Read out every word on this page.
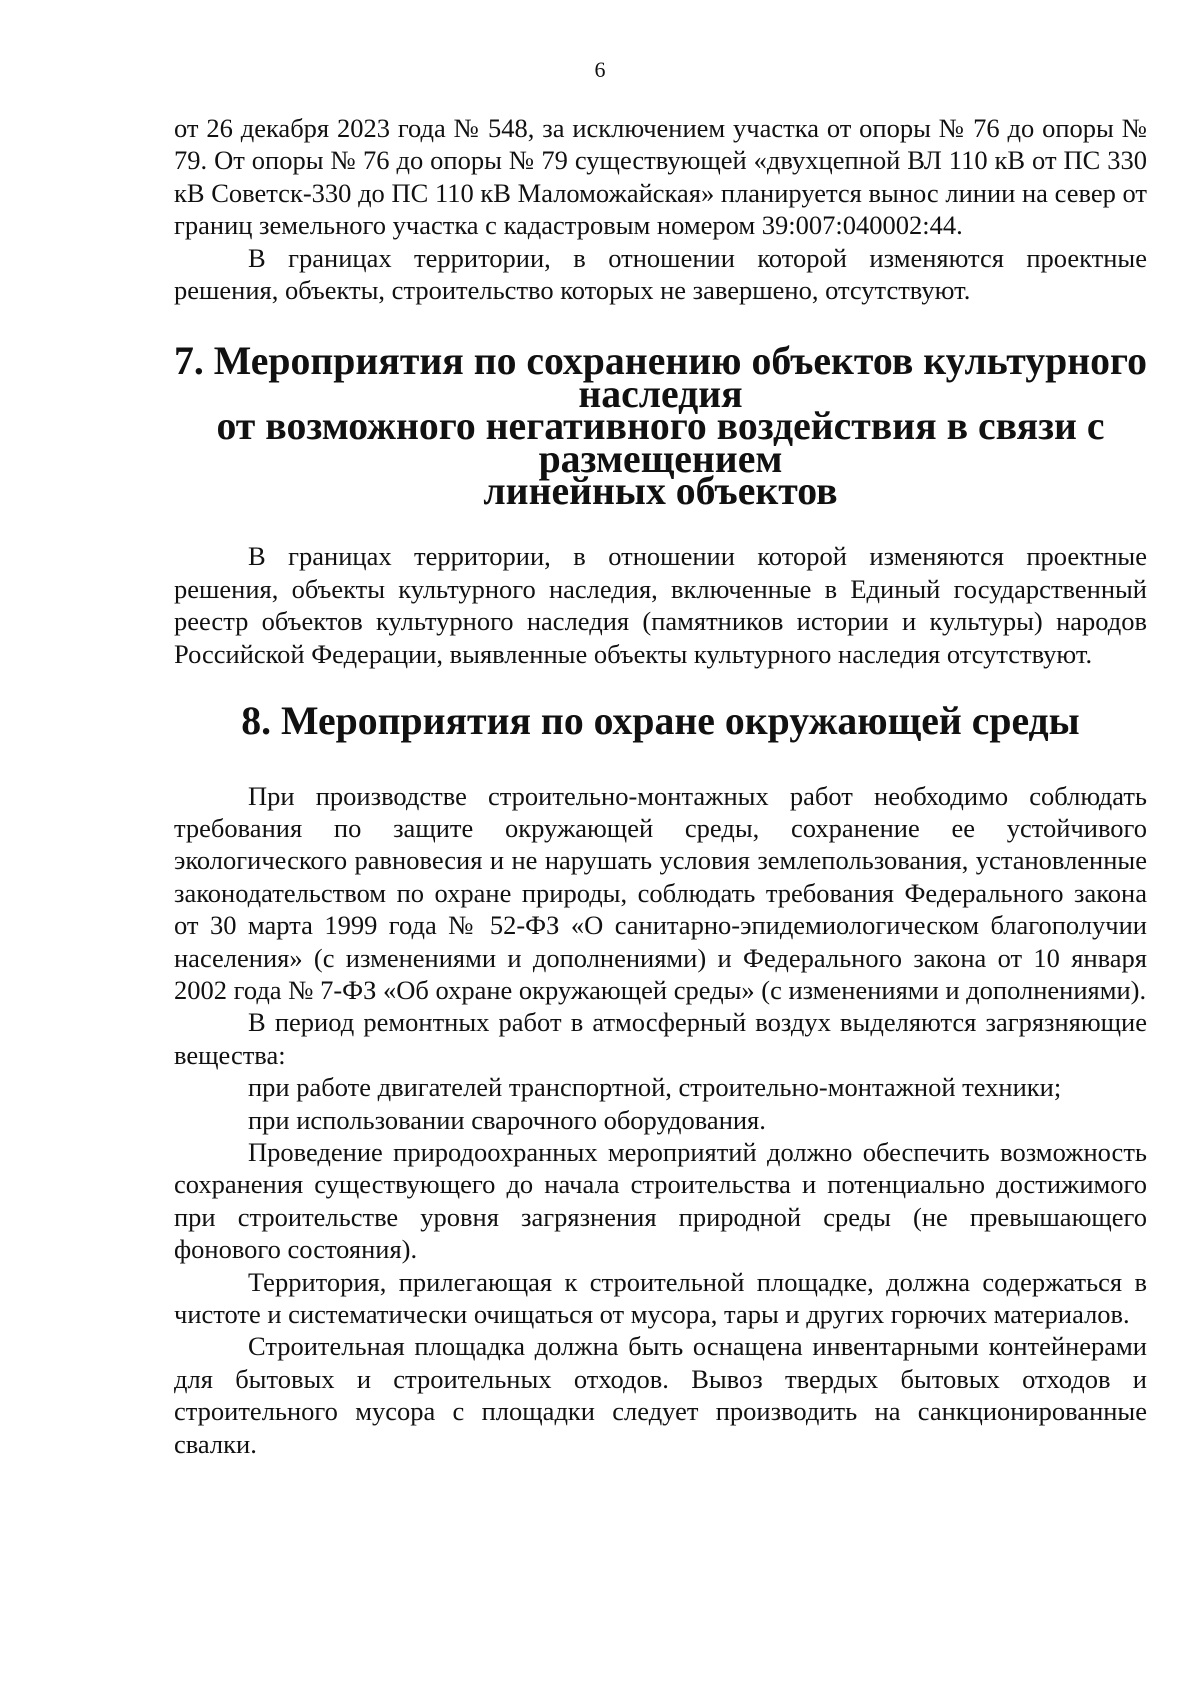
6

от 26 декабря 2023 года № 548, за исключением участка от опоры № 76 до опоры № 79. От опоры № 76 до опоры № 79 существующей «двухцепной ВЛ 110 кВ от ПС 330 кВ Советск-330 до ПС 110 кВ Маломожайская» планируется вынос линии на север от границ земельного участка с кадастровым номером 39:007:040002:44.

В границах территории, в отношении которой изменяются проектные решения, объекты, строительство которых не завершено, отсутствуют.

7. Мероприятия по сохранению объектов культурного наследия
от возможного негативного воздействия в связи с размещением
линейных объектов

В границах территории, в отношении которой изменяются проектные решения, объекты культурного наследия, включенные в Единый государственный реестр объектов культурного наследия (памятников истории и культуры) народов Российской Федерации, выявленные объекты культурного наследия отсутствуют.

8. Мероприятия по охране окружающей среды

При производстве строительно-монтажных работ необходимо соблюдать требования по защите окружающей среды, сохранение ее устойчивого экологического равновесия и не нарушать условия землепользования, установленные законодательством по охране природы, соблюдать требования Федерального закона от 30 марта 1999 года № 52-ФЗ «О санитарно-эпидемиологическом благополучии населения» (с изменениями и дополнениями) и Федерального закона от 10 января 2002 года № 7-ФЗ «Об охране окружающей среды» (с изменениями и дополнениями).

В период ремонтных работ в атмосферный воздух выделяются загрязняющие вещества:

при работе двигателей транспортной, строительно-монтажной техники;

при использовании сварочного оборудования.

Проведение природоохранных мероприятий должно обеспечить возможность сохранения существующего до начала строительства и потенциально достижимого при строительстве уровня загрязнения природной среды (не превышающего фонового состояния).

Территория, прилегающая к строительной площадке, должна содержаться в чистоте и систематически очищаться от мусора, тары и других горючих материалов.

Строительная площадка должна быть оснащена инвентарными контейнерами для бытовых и строительных отходов. Вывоз твердых бытовых отходов и строительного мусора с площадки следует производить на санкционированные свалки.
